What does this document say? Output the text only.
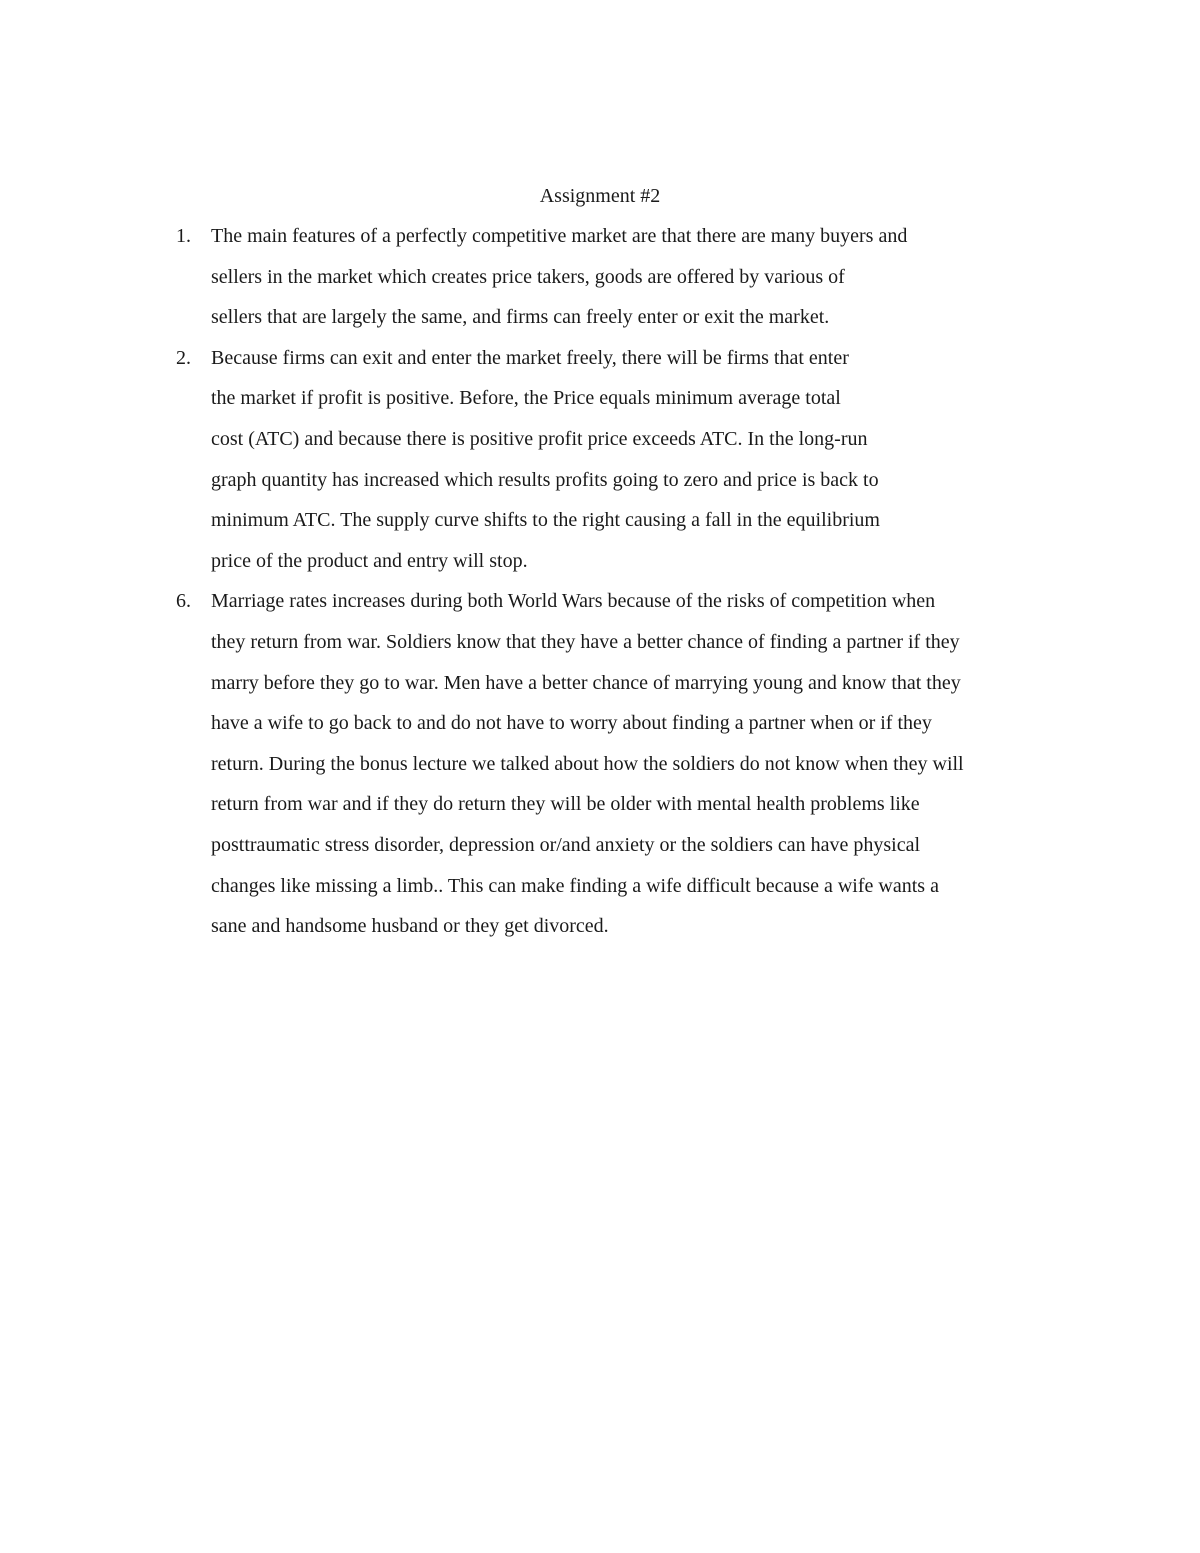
Assignment #2
1. The main features of a perfectly competitive market are that there are many buyers and
sellers in the market which creates price takers, goods are offered by various of
sellers that are largely the same, and firms can freely enter or exit the market.
2. Because firms can exit and enter the market freely, there will be firms that enter
the market if profit is positive. Before, the Price equals minimum average total
cost (ATC) and because there is positive profit price exceeds ATC. In the long-run
graph quantity has increased which results profits going to zero and price is back to
minimum ATC. The supply curve shifts to the right causing a fall in the equilibrium
price of the product and entry will stop.
6. Marriage rates increases during both World Wars because of the risks of competition when
they return from war. Soldiers know that they have a better chance of finding a partner if they
marry before they go to war. Men have a better chance of marrying young and know that they
have a wife to go back to and do not have to worry about finding a partner when or if they
return. During the bonus lecture we talked about how the soldiers do not know when they will
return from war and if they do return they will be older with mental health problems like
posttraumatic stress disorder, depression or/and anxiety or the soldiers can have physical
changes like missing a limb.. This can make finding a wife difficult because a wife wants a
sane and handsome husband or they get divorced.
